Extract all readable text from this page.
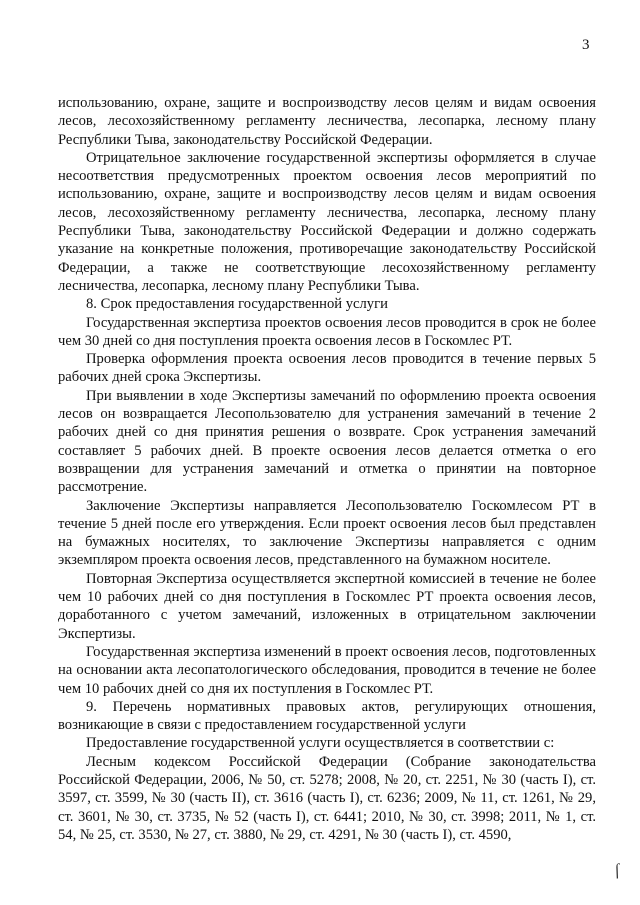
3

использованию, охране, защите и воспроизводству лесов целям и видам освоения лесов, лесохозяйственному регламенту лесничества, лесопарка, лесному плану Республики Тыва, законодательству Российской Федерации.

Отрицательное заключение государственной экспертизы оформляется в случае несоответствия предусмотренных проектом освоения лесов мероприятий по использованию, охране, защите и воспроизводству лесов целям и видам освоения лесов, лесохозяйственному регламенту лесничества, лесопарка, лесному плану Республики Тыва, законодательству Российской Федерации и должно содержать указание на конкретные положения, противоречащие законодательству Российской Федерации, а также не соответствующие лесохозяйственному регламенту лесничества, лесопарка, лесному плану Республики Тыва.

8. Срок предоставления государственной услуги

Государственная экспертиза проектов освоения лесов проводится в срок не более чем 30 дней со дня поступления проекта освоения лесов в Госкомлес РТ.

Проверка оформления проекта освоения лесов проводится в течение первых 5 рабочих дней срока Экспертизы.

При выявлении в ходе Экспертизы замечаний по оформлению проекта освоения лесов он возвращается Лесопользователю для устранения замечаний в течение 2 рабочих дней со дня принятия решения о возврате. Срок устранения замечаний составляет 5 рабочих дней. В проекте освоения лесов делается отметка о его возвращении для устранения замечаний и отметка о принятии на повторное рассмотрение.

Заключение Экспертизы направляется Лесопользователю Госкомлесом РТ в течение 5 дней после его утверждения. Если проект освоения лесов был представлен на бумажных носителях, то заключение Экспертизы направляется с одним экземпляром проекта освоения лесов, представленного на бумажном носителе.

Повторная Экспертиза осуществляется экспертной комиссией в течение не более чем 10 рабочих дней со дня поступления в Госкомлес РТ проекта освоения лесов, доработанного с учетом замечаний, изложенных в отрицательном заключении Экспертизы.

Государственная экспертиза изменений в проект освоения лесов, подготовленных на основании акта лесопатологического обследования, проводится в течение не более чем 10 рабочих дней со дня их поступления в Госкомлес РТ.

9. Перечень нормативных правовых актов, регулирующих отношения, возникающие в связи с предоставлением государственной услуги

Предоставление государственной услуги осуществляется в соответствии с:

Лесным кодексом Российской Федерации (Собрание законодательства Российской Федерации, 2006, № 50, ст. 5278; 2008, № 20, ст. 2251, № 30 (часть I), ст. 3597, ст. 3599, № 30 (часть II), ст. 3616 (часть I), ст. 6236; 2009, № 11, ст. 1261, № 29, ст. 3601, № 30, ст. 3735, № 52 (часть I), ст. 6441; 2010, № 30, ст. 3998; 2011, № 1, ст. 54, № 25, ст. 3530, № 27, ст. 3880, № 29, ст. 4291, № 30 (часть I), ст. 4590,

ſ
